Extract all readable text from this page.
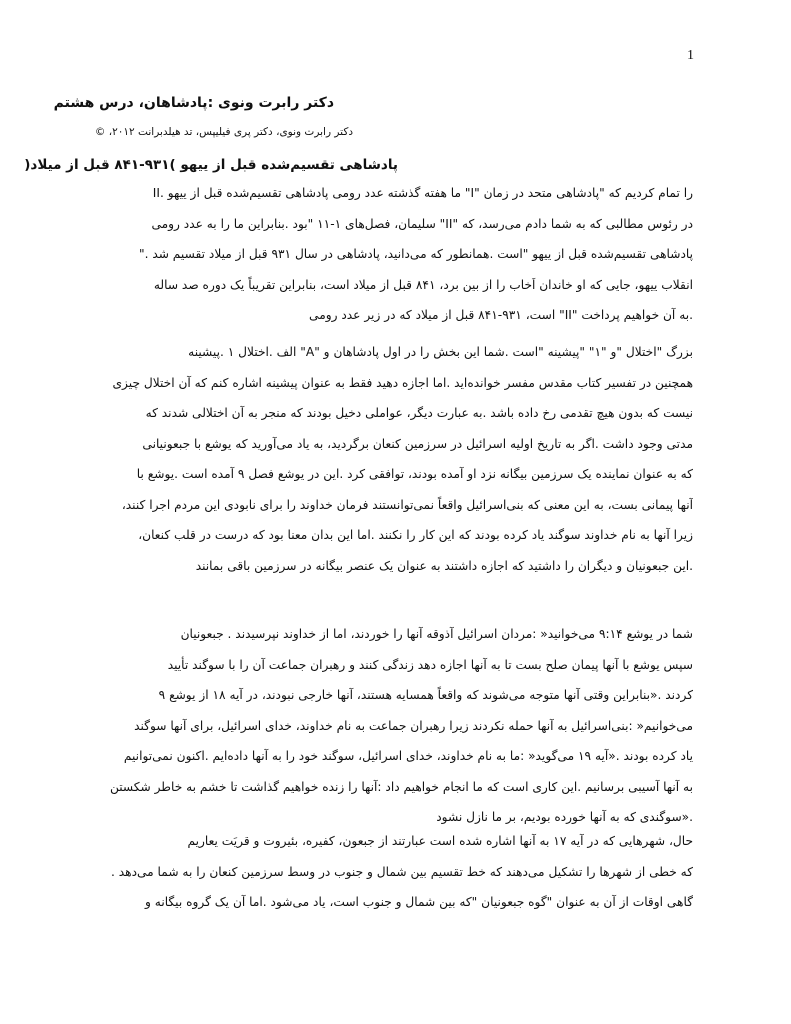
1
دکتر رابرت ونوی :پادشاهان، درس هشتم
دکتر رابرت ونوی، دکتر پری فیلیپس، تد هیلدبرانت ۲۰۱۲، ©
پادشاهی تقسیم‌شده قبل از ییهو )۹۳۱-۸۴۱ قبل از میلاد(
را تمام کردیم که "پادشاهی متحد در زمان "I" ما هفته گذشته عدد رومی پادشاهی تقسیم‌شده قبل از ییهو .II
در رئوس مطالبی که به شما دادم می‌رسد، که "II" سلیمان، فصل‌های ۱-۱۱ "بود .بنابراین ما را به عدد رومی
پادشاهی تقسیم‌شده قبل از ییهو "است .همانطور که می‌دانید، پادشاهی در سال ۹۳۱ قبل از میلاد تقسیم شد ."
انقلاب ییهو، جایی که او خاندان اَخاب را از بین برد، ۸۴۱ قبل از میلاد است، بنابراین تقریباً یک دوره صد ساله
.به آن خواهیم پرداخت "II" است، ۹۳۱-۸۴۱ قبل از میلاد که در زیر عدد رومی
بزرگ "اختلال "و "۱" "پیشینه "است .شما این بخش را در اول پادشاهان و "A" الف .اختلال ۱ .پیشینه
همچنین در تفسیر کتاب مقدس مفسر خوانده‌اید .اما اجازه دهید فقط به عنوان پیشینه اشاره کنم که آن اختلال چیزی
نیست که بدون هیچ تقدمی رخ داده باشد .به عبارت دیگر، عواملی دخیل بودند که منجر به آن اختلالی شدند که
مدتی وجود داشت .اگر به تاریخ اولیه اسرائیل در سرزمین کنعان برگردید، به یاد می‌آورید که یوشع با جبعونیانی
که به عنوان نماینده یک سرزمین بیگانه نزد او آمده بودند، توافقی کرد .این در یوشع فصل ۹ آمده است .یوشع با
آنها پیمانی بست، به این معنی که بنی‌اسرائیل واقعاً نمی‌توانستند فرمان خداوند را برای نابودی این مردم اجرا کنند،
زیرا آنها به نام خداوند سوگند یاد کرده بودند که این کار را نکنند .اما این بدان معنا بود که درست در قلب کنعان،
.این جبعونیان و دیگران را داشتید که اجازه داشتند به عنوان یک عنصر بیگانه در سرزمین باقی بمانند
شما در یوشع ۹:۱۴ می‌خوانید« :مردان اسرائیل آذوقه آنها را خوردند، اما از خداوند نپرسیدند . جبعونیان
سپس یوشع با آنها پیمان صلح بست تا به آنها اجازه دهد زندگی کنند و رهبران جماعت آن را با سوگند تأیید
کردند .«بنابراین وقتی آنها متوجه می‌شوند که واقعاً همسایه هستند، آنها خارجی نبودند، در آیه ۱۸ از یوشع ۹
می‌خوانیم« :بنی‌اسرائیل به آنها حمله نکردند زیرا رهبران جماعت به نام خداوند، خدای اسرائیل، برای آنها سوگند
یاد کرده بودند .«آیه ۱۹ می‌گوید« :ما به نام خداوند، خدای اسرائیل، سوگند خود را به آنها داده‌ایم .اکنون نمی‌توانیم
به آنها آسیبی برسانیم .این کاری است که ما انجام خواهیم داد :آنها را زنده خواهیم گذاشت تا خشم به خاطر شکستن
.«سوگندی که به آنها خورده بودیم، بر ما نازل نشود
حال، شهرهایی که در آیه ۱۷ به آنها اشاره شده است عبارتند از جبعون، کفیره، بئیروت و قریَت یعاریم
که خطی از شهرها را تشکیل می‌دهند که خط تقسیم بین شمال و جنوب در وسط سرزمین کنعان را به شما می‌دهد .
گاهی اوقات از آن به عنوان "گوه جبعونیان "که بین شمال و جنوب است، یاد می‌شود .اما آن یک گروه بیگانه و
